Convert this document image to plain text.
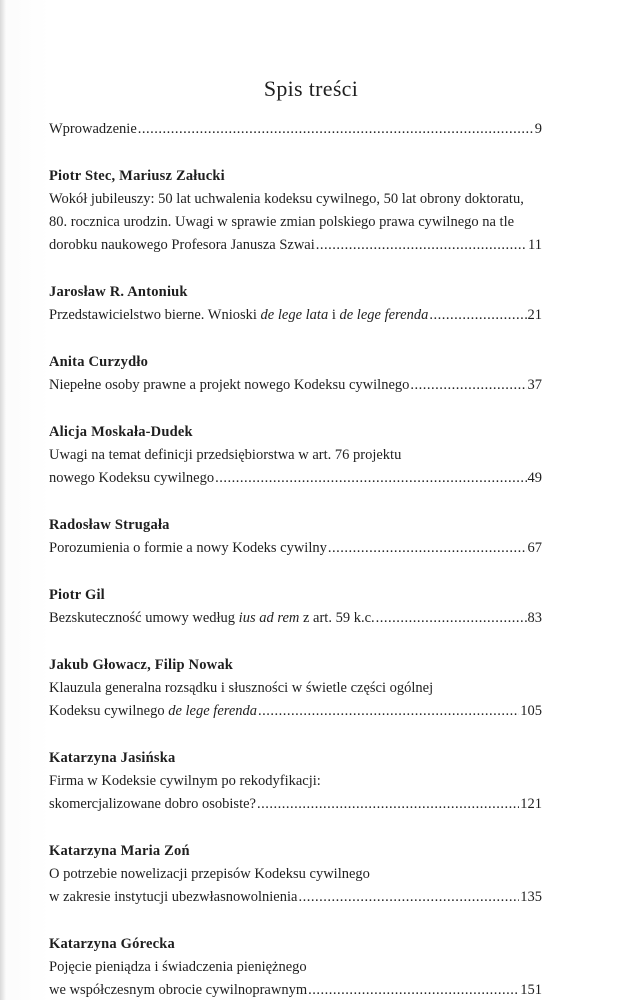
Spis treści
Wprowadzenie .....	9
Piotr Stec, Mariusz Załucki
Wokół jubileuszy: 50 lat uchwalenia kodeksu cywilnego, 50 lat obrony doktoratu,
80. rocznica urodzin. Uwagi w sprawie zmian polskiego prawa cywilnego na tle
dorobku naukowego Profesora Janusza Szwai .....	11
Jarosław R. Antoniuk
Przedstawicielstwo bierne. Wnioski de lege lata i de lege ferenda .....	21
Anita Curzydło
Niepełne osoby prawne a projekt nowego Kodeksu cywilnego .....	37
Alicja Moskała-Dudek
Uwagi na temat definicji przedsiębiorstwa w art. 76 projektu
nowego Kodeksu cywilnego .....	49
Radosław Strugała
Porozumienia o formie a nowy Kodeks cywilny .....	67
Piotr Gil
Bezskuteczność umowy według ius ad rem z art. 59 k.c. .....	83
Jakub Głowacz, Filip Nowak
Klauzula generalna rozsądku i słuszności w świetle części ogólnej
Kodeksu cywilnego de lege ferenda .....	105
Katarzyna Jasińska
Firma w Kodeksie cywilnym po rekodyfikacji:
skomercjalizowane dobro osobiste? .....	121
Katarzyna Maria Zoń
O potrzebie nowelizacji przepisów Kodeksu cywilnego
w zakresie instytucji ubezwłasnowolnienia .....	135
Katarzyna Górecka
Pojęcie pieniądza i świadczenia pieniężnego
we współczesnym obrocie cywilnoprawnym .....	151
